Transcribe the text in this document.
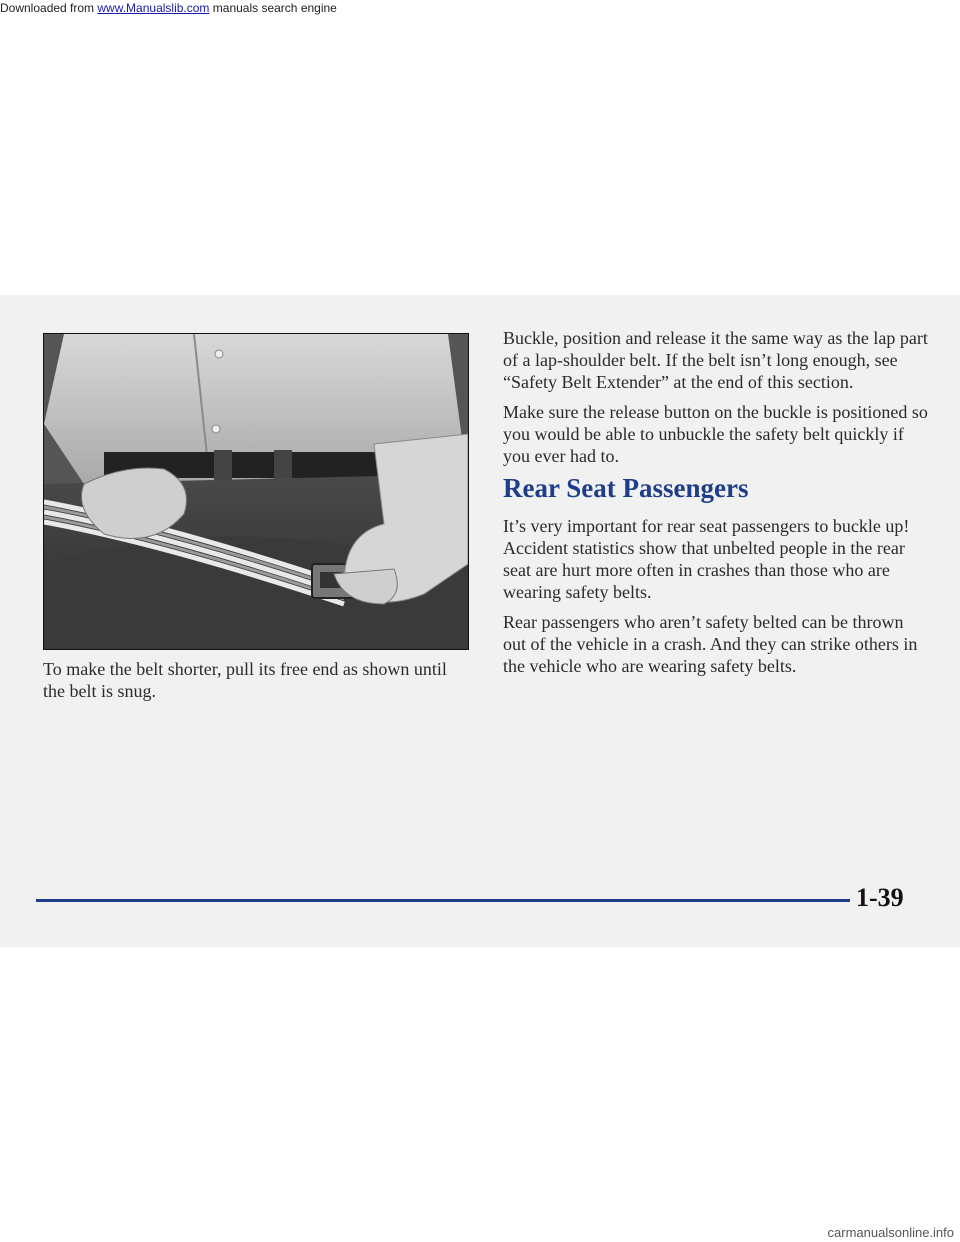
Downloaded from www.Manualslib.com manuals search engine

To make the belt shorter, pull its free end as shown until the belt is snug.

Buckle, position and release it the same way as the lap part of a lap-shoulder belt. If the belt isn’t long enough, see “Safety Belt Extender” at the end of this section.

Make sure the release button on the buckle is positioned so you would be able to unbuckle the safety belt quickly if you ever had to.

Rear Seat Passengers

It’s very important for rear seat passengers to buckle up! Accident statistics show that unbelted people in the rear seat are hurt more often in crashes than those who are wearing safety belts.

Rear passengers who aren’t safety belted can be thrown out of the vehicle in a crash. And they can strike others in the vehicle who are wearing safety belts.

1-39
carmanualsonline.info
